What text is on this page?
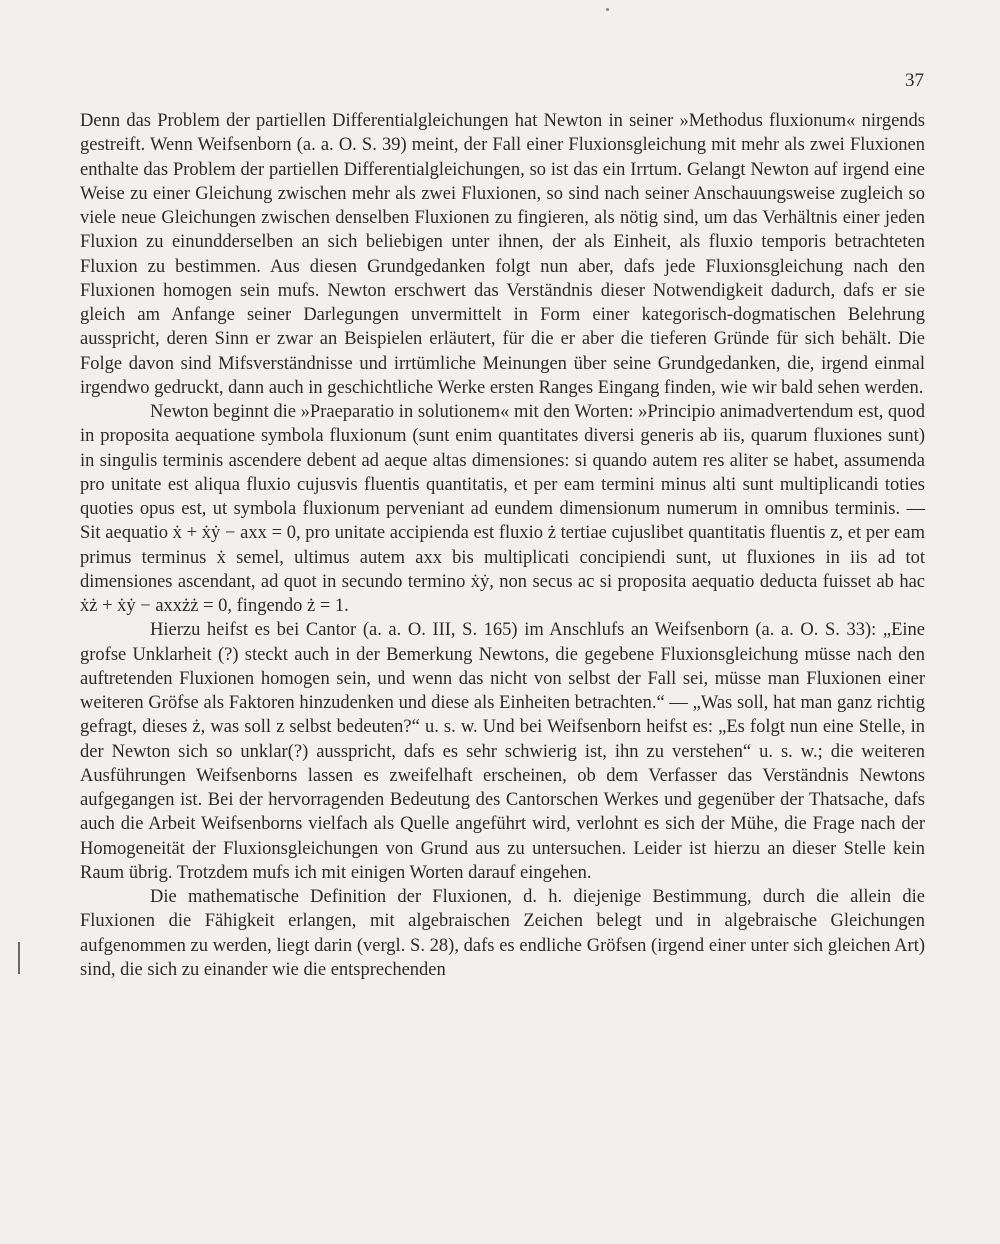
37

Denn das Problem der partiellen Differentialgleichungen hat Newton in seiner »Methodus fluxionum« nirgends gestreift. Wenn Weifsenborn (a. a. O. S. 39) meint, der Fall einer Fluxionsgleichung mit mehr als zwei Fluxionen enthalte das Problem der partiellen Differentialgleichungen, so ist das ein Irrtum. Gelangt Newton auf irgend eine Weise zu einer Gleichung zwischen mehr als zwei Fluxionen, so sind nach seiner Anschauungsweise zugleich so viele neue Gleichungen zwischen denselben Fluxionen zu fingieren, als nötig sind, um das Verhältnis einer jeden Fluxion zu einundderselben an sich beliebigen unter ihnen, der als Einheit, als fluxio temporis betrachteten Fluxion zu bestimmen. Aus diesen Grundgedanken folgt nun aber, dafs jede Fluxionsgleichung nach den Fluxionen homogen sein mufs. Newton erschwert das Verständnis dieser Notwendigkeit dadurch, dafs er sie gleich am Anfange seiner Darlegungen unvermittelt in Form einer kategorisch-dogmatischen Belehrung ausspricht, deren Sinn er zwar an Beispielen erläutert, für die er aber die tieferen Gründe für sich behält. Die Folge davon sind Mifsverständnisse und irrtümliche Meinungen über seine Grundgedanken, die, irgend einmal irgendwo gedruckt, dann auch in geschichtliche Werke ersten Ranges Eingang finden, wie wir bald sehen werden.

Newton beginnt die »Praeparatio in solutionem« mit den Worten: »Principio animadvertendum est, quod in proposita aequatione symbola fluxionum (sunt enim quantitates diversi generis ab iis, quarum fluxiones sunt) in singulis terminis ascendere debent ad aeque altas dimensiones: si quando autem res aliter se habet, assumenda pro unitate est aliqua fluxio cujusvis fluentis quantitatis, et per eam termini minus alti sunt multiplicandi toties quoties opus est, ut symbola fluxionum perveniant ad eundem dimensionum numerum in omnibus terminis. — Sit aequatio ẋ + ẋẏ − axx = 0, pro unitate accipienda est fluxio ż tertiae cujuslibet quantitatis fluentis z, et per eam primus terminus ẋ semel, ultimus autem axx bis multiplicati concipiendi sunt, ut fluxiones in iis ad tot dimensiones ascendant, ad quot in secundo termino ẋẏ, non secus ac si proposita aequatio deducta fuisset ab hac ẋż + ẋẏ − axxżż = 0, fingendo ż = 1.

Hierzu heifst es bei Cantor (a. a. O. III, S. 165) im Anschlufs an Weifsenborn (a. a. O. S. 33): „Eine grofse Unklarheit (?) steckt auch in der Bemerkung Newtons, die gegebene Fluxionsgleichung müsse nach den auftretenden Fluxionen homogen sein, und wenn das nicht von selbst der Fall sei, müsse man Fluxionen einer weiteren Gröfse als Faktoren hinzudenken und diese als Einheiten betrachten.“ — „Was soll, hat man ganz richtig gefragt, dieses ż, was soll z selbst bedeuten?“ u. s. w. Und bei Weifsenborn heifst es: „Es folgt nun eine Stelle, in der Newton sich so unklar(?) ausspricht, dafs es sehr schwierig ist, ihn zu verstehen“ u. s. w.; die weiteren Ausführungen Weifsenborns lassen es zweifelhaft erscheinen, ob dem Verfasser das Verständnis Newtons aufgegangen ist. Bei der hervorragenden Bedeutung des Cantorschen Werkes und gegenüber der Thatsache, dafs auch die Arbeit Weifsenborns vielfach als Quelle angeführt wird, verlohnt es sich der Mühe, die Frage nach der Homogeneität der Fluxionsgleichungen von Grund aus zu untersuchen. Leider ist hierzu an dieser Stelle kein Raum übrig. Trotzdem mufs ich mit einigen Worten darauf eingehen.

Die mathematische Definition der Fluxionen, d. h. diejenige Bestimmung, durch die allein die Fluxionen die Fähigkeit erlangen, mit algebraischen Zeichen belegt und in algebraische Gleichungen aufgenommen zu werden, liegt darin (vergl. S. 28), dafs es endliche Gröfsen (irgend einer unter sich gleichen Art) sind, die sich zu einander wie die entsprechenden
